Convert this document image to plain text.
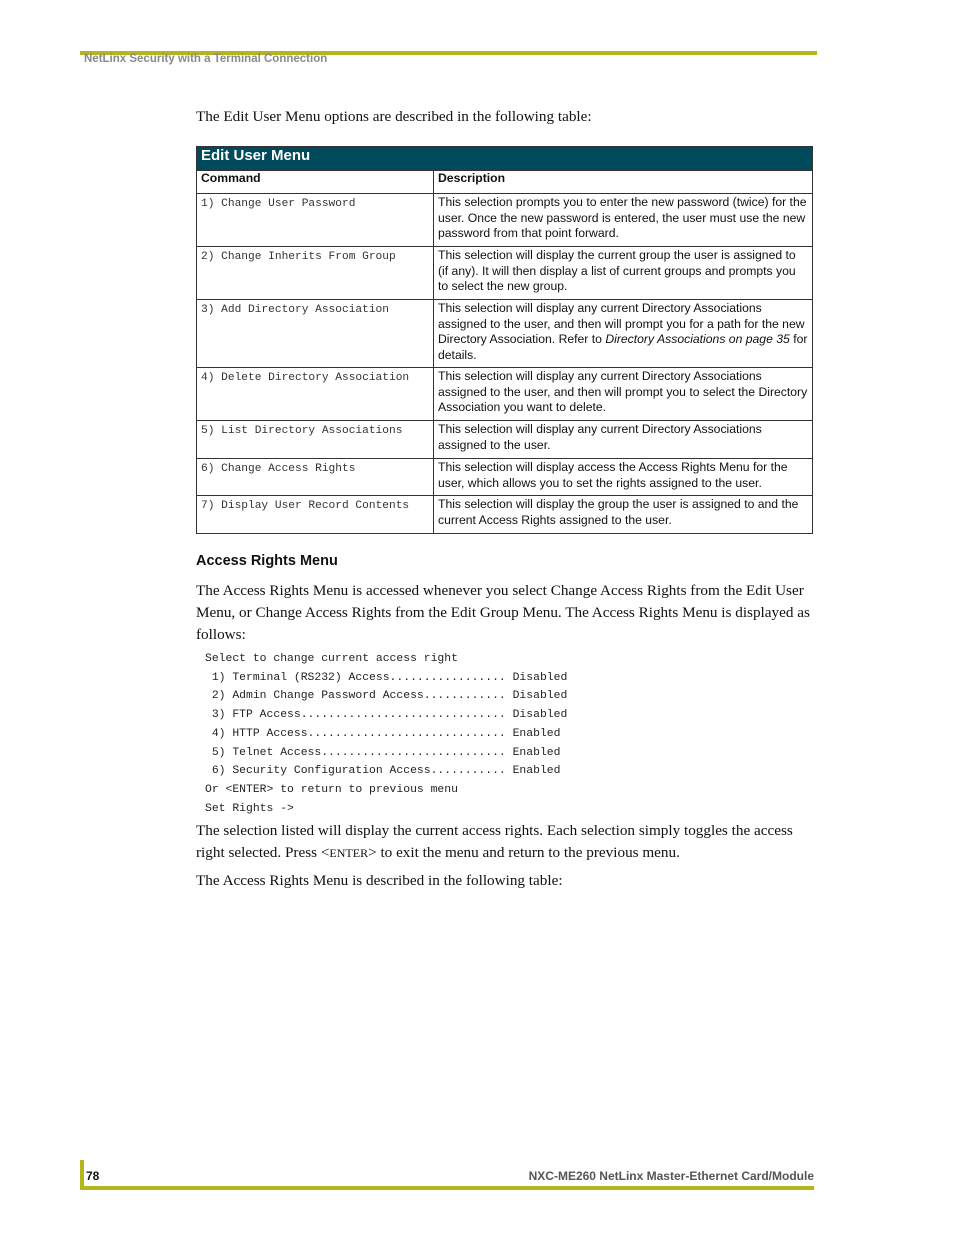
NetLinx Security with a Terminal Connection
The Edit User Menu options are described in the following table:
Edit User Menu	
Command	Description
1) Change User Password	This selection prompts you to enter the new password (twice) for the user. Once the new password is entered, the user must use the new password from that point forward.
2) Change Inherits From Group	This selection will display the current group the user is assigned to (if any). It will then display a list of current groups and prompts you to select the new group.
3) Add Directory Association	This selection will display any current Directory Associations assigned to the user, and then will prompt you for a path for the new Directory Association. Refer to Directory Associations on page 35 for details.
4) Delete Directory Association	This selection will display any current Directory Associations assigned to the user, and then will prompt you to select the Directory Association you want to delete.
5) List Directory Associations	This selection will display any current Directory Associations assigned to the user.
6) Change Access Rights	This selection will display access the Access Rights Menu for the user, which allows you to set the rights assigned to the user.
7) Display User Record Contents	This selection will display the group the user is assigned to and the current Access Rights assigned to the user.
Access Rights Menu
The Access Rights Menu is accessed whenever you select Change Access Rights from the Edit User Menu, or Change Access Rights from the Edit Group Menu. The Access Rights Menu is displayed as follows:
Select to change current access right
1) Terminal (RS232) Access................. Disabled
2) Admin Change Password Access............ Disabled
3) FTP Access.............................. Disabled
4) HTTP Access............................. Enabled
5) Telnet Access........................... Enabled
6) Security Configuration Access........... Enabled
Or <ENTER> to return to previous menu
Set Rights ->
The selection listed will display the current access rights. Each selection simply toggles the access right selected. Press <ENTER> to exit the menu and return to the previous menu.
The Access Rights Menu is described in the following table:
78	NXC-ME260 NetLinx Master-Ethernet Card/Module
